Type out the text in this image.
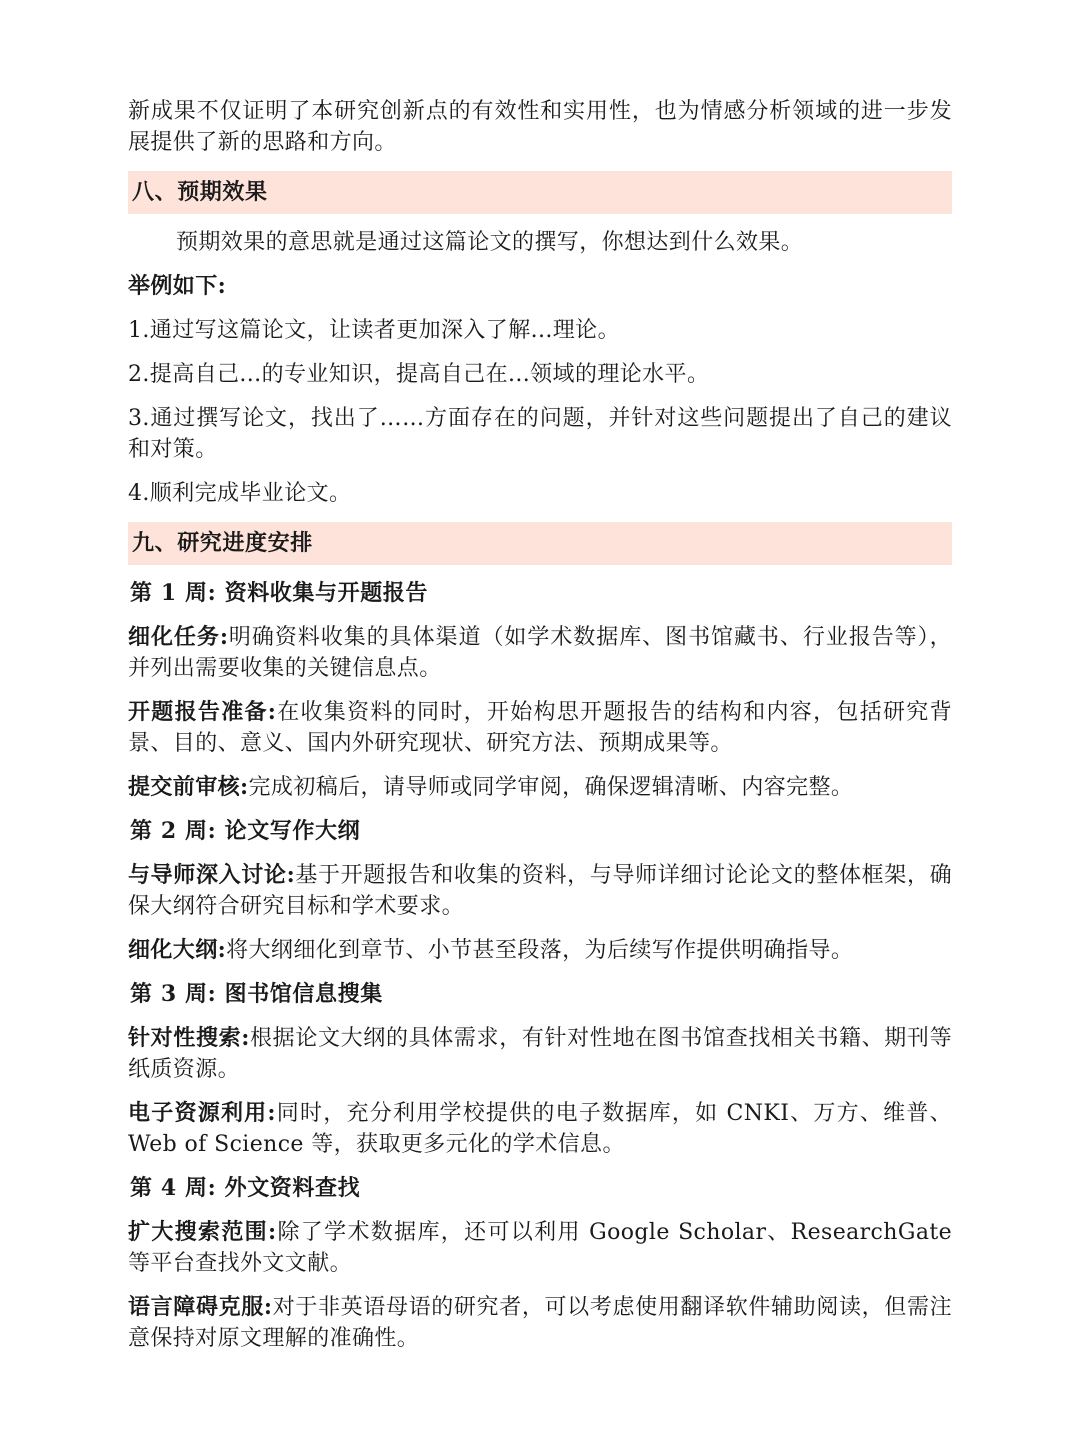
新成果不仅证明了本研究创新点的有效性和实用性，也为情感分析领域的进一步发展提供了新的思路和方向。

八、预期效果

预期效果的意思就是通过这篇论文的撰写，你想达到什么效果。

举例如下:

1.通过写这篇论文，让读者更加深入了解...理论。

2.提高自己...的专业知识，提高自己在...领域的理论水平。

3.通过撰写论文，找出了……方面存在的问题，并针对这些问题提出了自己的建议和对策。

4.顺利完成毕业论文。

九、研究进度安排
第 1 周: 资料收集与开题报告

细化任务:明确资料收集的具体渠道（如学术数据库、图书馆藏书、行业报告等），并列出需要收集的关键信息点。

开题报告准备:在收集资料的同时，开始构思开题报告的结构和内容，包括研究背景、目的、意义、国内外研究现状、研究方法、预期成果等。

提交前审核:完成初稿后，请导师或同学审阅，确保逻辑清晰、内容完整。

第 2 周: 论文写作大纲

与导师深入讨论:基于开题报告和收集的资料，与导师详细讨论论文的整体框架，确保大纲符合研究目标和学术要求。

细化大纲:将大纲细化到章节、小节甚至段落，为后续写作提供明确指导。

第 3 周: 图书馆信息搜集

针对性搜索:根据论文大纲的具体需求，有针对性地在图书馆查找相关书籍、期刊等纸质资源。

电子资源利用:同时，充分利用学校提供的电子数据库，如 CNKI、万方、维普、Web of Science 等，获取更多元化的学术信息。

第 4 周: 外文资料查找

扩大搜索范围:除了学术数据库，还可以利用 Google Scholar、ResearchGate 等平台查找外文文献。

语言障碍克服:对于非英语母语的研究者，可以考虑使用翻译软件辅助阅读，但需注意保持对原文理解的准确性。
